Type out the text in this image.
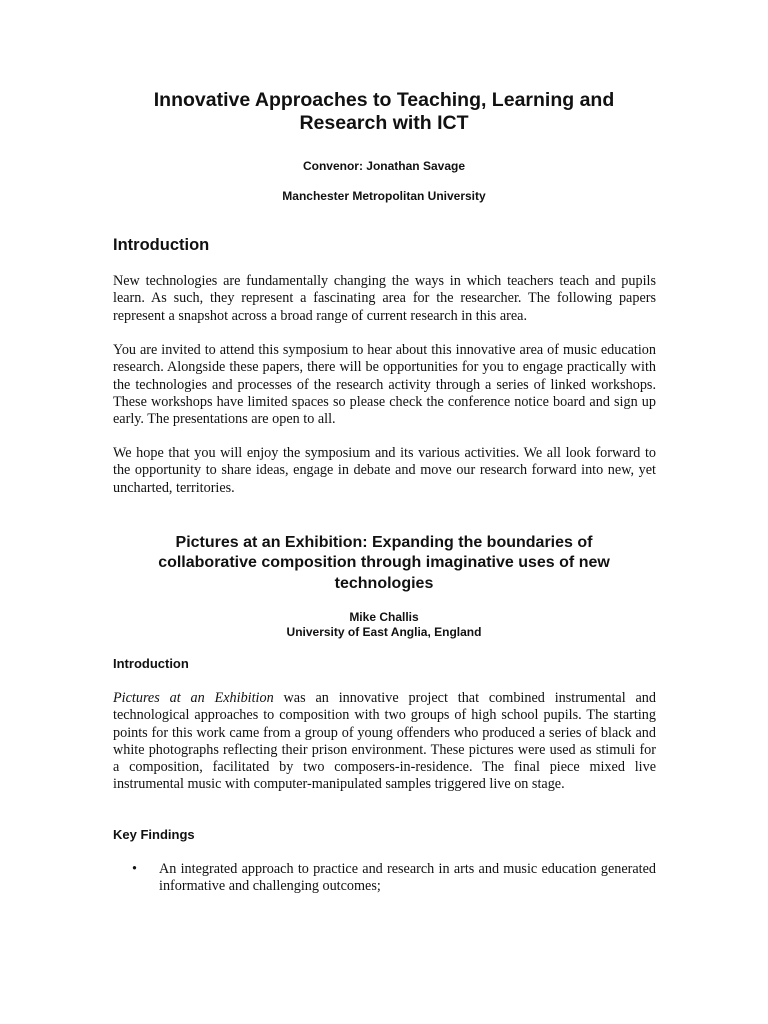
Innovative Approaches to Teaching, Learning and
Research with ICT
Convenor: Jonathan Savage
Manchester Metropolitan University
Introduction

New technologies are fundamentally changing the ways in which teachers teach and pupils learn. As such, they represent a fascinating area for the researcher. The following papers represent a snapshot across a broad range of current research in this area.

You are invited to attend this symposium to hear about this innovative area of music education research. Alongside these papers, there will be opportunities for you to engage practically with the technologies and processes of the research activity through a series of linked workshops. These workshops have limited spaces so please check the conference notice board and sign up early. The presentations are open to all.

We hope that you will enjoy the symposium and its various activities. We all look forward to the opportunity to share ideas, engage in debate and move our research forward into new, yet uncharted, territories.

Pictures at an Exhibition: Expanding the boundaries of
collaborative composition through imaginative uses of new
technologies
Mike Challis
University of East Anglia, England
Introduction

Pictures at an Exhibition was an innovative project that combined instrumental and technological approaches to composition with two groups of high school pupils. The starting points for this work came from a group of young offenders who produced a series of black and white photographs reflecting their prison environment. These pictures were used as stimuli for a composition, facilitated by two composers-in-residence. The final piece mixed live instrumental music with computer-manipulated samples triggered live on stage.

Key Findings
• An integrated approach to practice and research in arts and music education generated informative and challenging outcomes;
